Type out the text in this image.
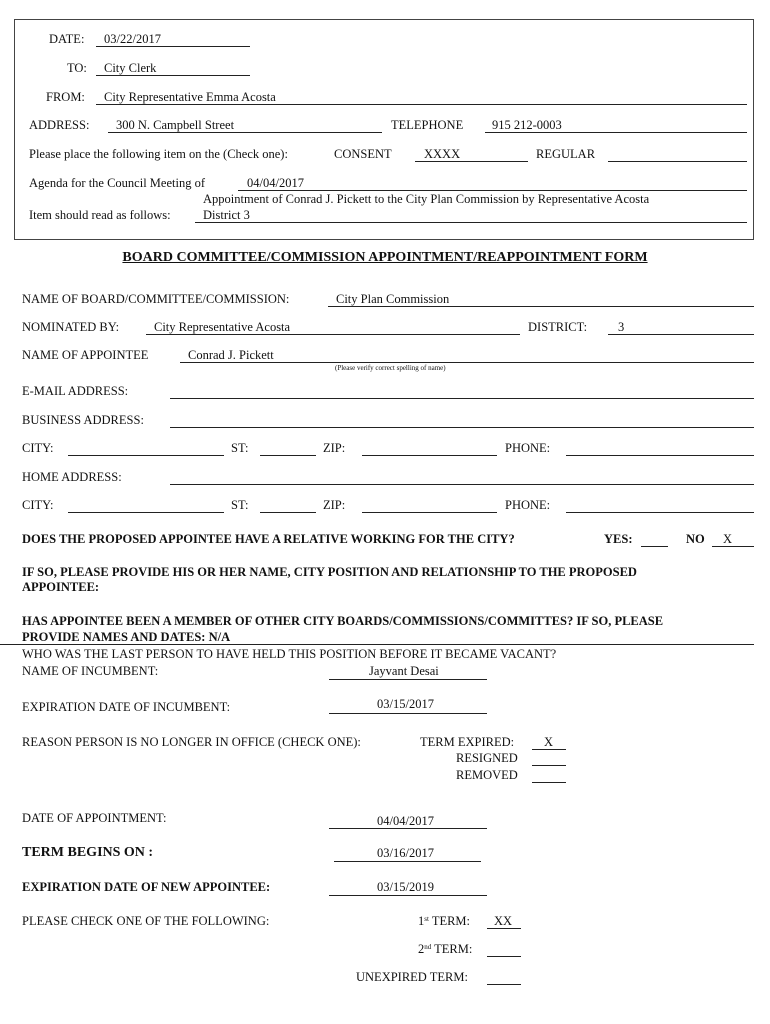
DATE: 03/22/2017
TO: City Clerk
FROM: City Representative Emma Acosta
ADDRESS: 300 N. Campbell Street	TELEPHONE 915 212-0003
Please place the following item on the (Check one):	CONSENT	XXXX	REGULAR
Agenda for the Council Meeting of	04/04/2017
Appointment of Conrad J. Pickett to the City Plan Commission by Representative Acosta
Item should read as follows:	District 3
BOARD COMMITTEE/COMMISSION APPOINTMENT/REAPPOINTMENT FORM
NAME OF BOARD/COMMITTEE/COMMISSION:	City Plan Commission
NOMINATED BY:	City Representative Acosta	DISTRICT: 3
NAME OF APPOINTEE	Conrad J. Pickett
(Please verify correct spelling of name)
E-MAIL ADDRESS:
BUSINESS ADDRESS:
CITY:	ST:	ZIP:	PHONE:
HOME ADDRESS:
CITY:	ST:	ZIP:	PHONE:
DOES THE PROPOSED APPOINTEE HAVE A RELATIVE WORKING FOR THE CITY?	YES:	NO X
IF SO, PLEASE PROVIDE HIS OR HER NAME, CITY POSITION AND RELATIONSHIP TO THE PROPOSED
APPOINTEE:
HAS APPOINTEE BEEN A MEMBER OF OTHER CITY BOARDS/COMMISSIONS/COMMITTES? IF SO, PLEASE
PROVIDE NAMES AND DATES: N/A
WHO WAS THE LAST PERSON TO HAVE HELD THIS POSITION BEFORE IT BECAME VACANT?
NAME OF INCUMBENT:	Jayvant Desai
EXPIRATION DATE OF INCUMBENT:	03/15/2017
REASON PERSON IS NO LONGER IN OFFICE (CHECK ONE):	TERM EXPIRED: X
RESIGNED
REMOVED
DATE OF APPOINTMENT:	04/04/2017
TERM BEGINS ON :	03/16/2017
EXPIRATION DATE OF NEW APPOINTEE:	03/15/2019
PLEASE CHECK ONE OF THE FOLLOWING:	1st TERM: XX
2nd TERM:
UNEXPIRED TERM:
